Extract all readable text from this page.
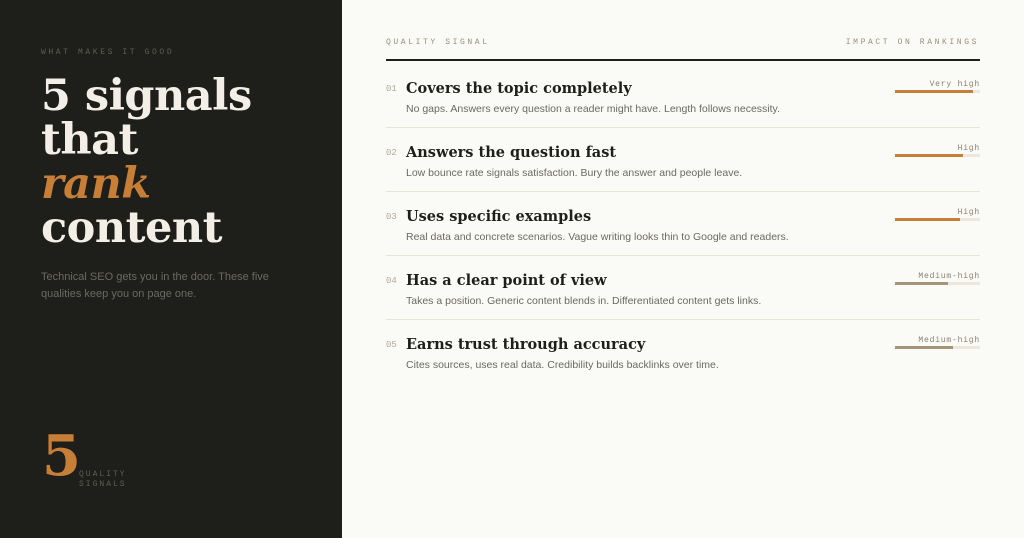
WHAT MAKES IT GOOD
5 signals
that
rank
content
Technical SEO gets you in the door. These five qualities keep you on page one.
5
QUALITY
SIGNALS
QUALITY SIGNAL	IMPACT ON RANKINGS
01 Covers the topic completely
No gaps. Answers every question a reader might have. Length follows necessity.
Very high
02 Answers the question fast
Low bounce rate signals satisfaction. Bury the answer and people leave.
High
03 Uses specific examples
Real data and concrete scenarios. Vague writing looks thin to Google and readers.
High
04 Has a clear point of view
Takes a position. Generic content blends in. Differentiated content gets links.
Medium-high
05 Earns trust through accuracy
Cites sources, uses real data. Credibility builds backlinks over time.
Medium-high
